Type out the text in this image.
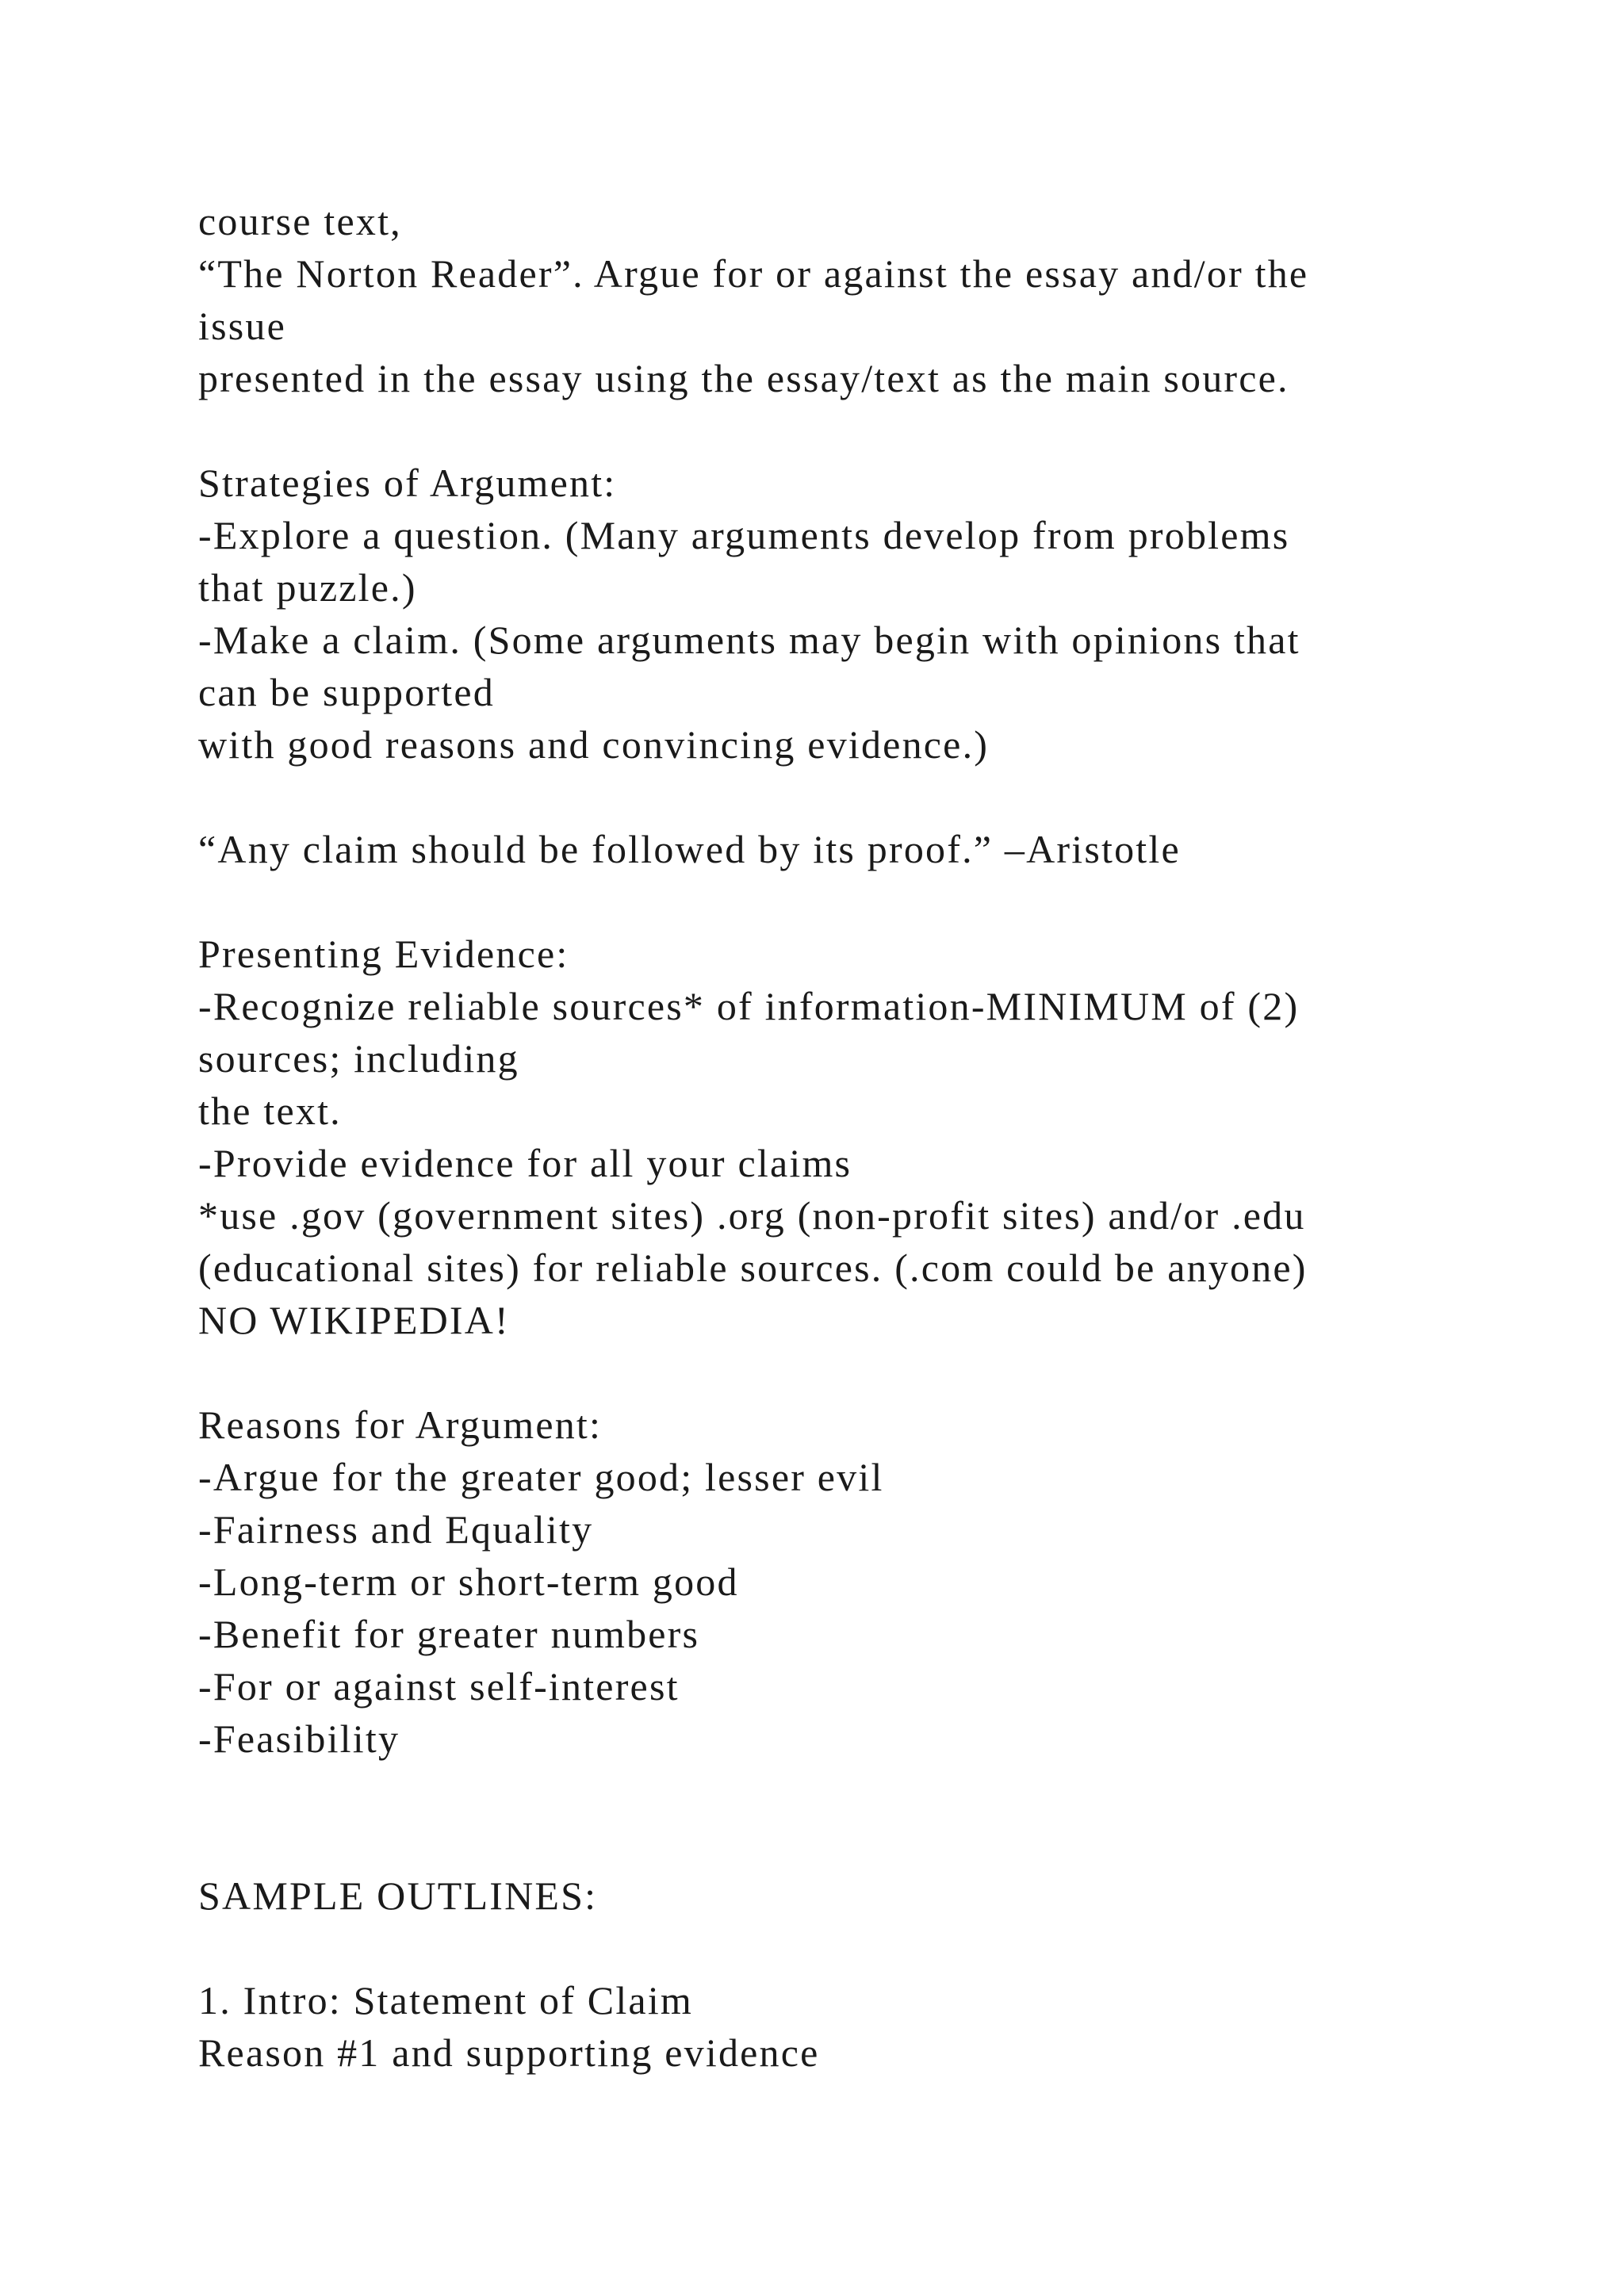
course text,
“The Norton Reader”. Argue for or against the essay and/or the
issue
presented in the essay using the essay/text as the main source.
Strategies of Argument:
-Explore a question. (Many arguments develop from problems
that puzzle.)
-Make a claim. (Some arguments may begin with opinions that
can be supported
with good reasons and convincing evidence.)
“Any claim should be followed by its proof.” –Aristotle
Presenting Evidence:
-Recognize reliable sources* of information-MINIMUM of (2)
sources; including
the text.
-Provide evidence for all your claims
*use .gov (government sites) .org (non-profit sites) and/or .edu
(educational sites) for reliable sources. (.com could be anyone)
NO WIKIPEDIA!
Reasons for Argument:
-Argue for the greater good; lesser evil
-Fairness and Equality
-Long-term or short-term good
-Benefit for greater numbers
-For or against self-interest
-Feasibility
SAMPLE OUTLINES:
1. Intro: Statement of Claim
Reason #1 and supporting evidence
